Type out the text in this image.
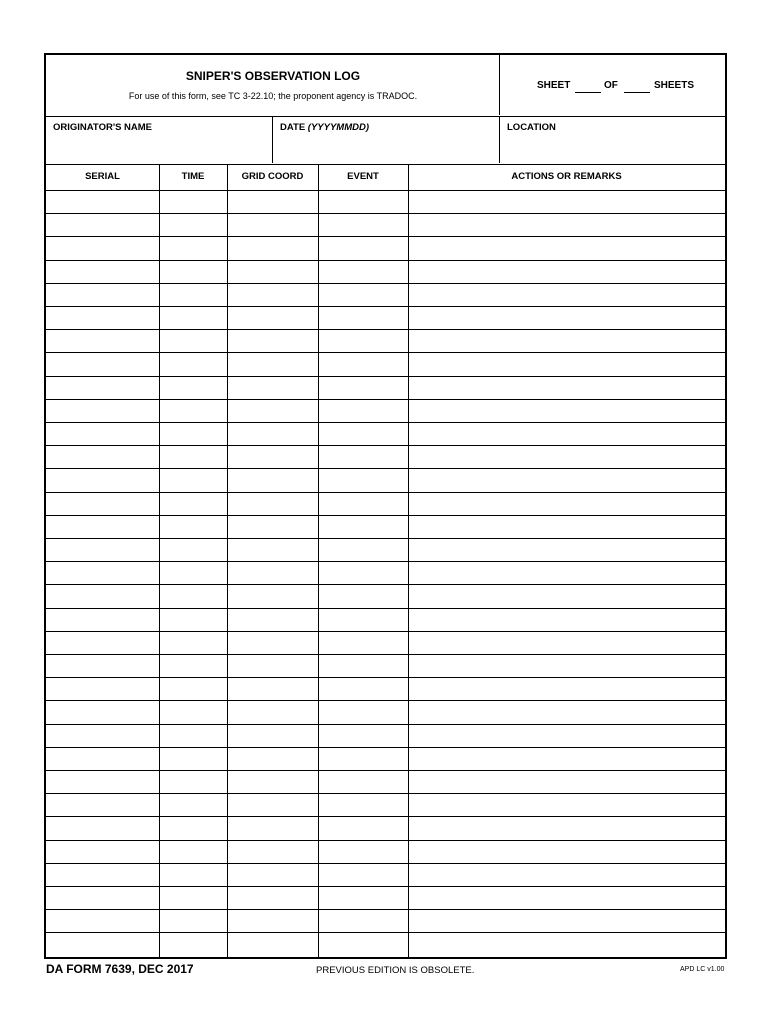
SNIPER'S OBSERVATION LOG
For use of this form, see TC 3-22.10; the proponent agency is TRADOC.
SHEET	OF	SHEETS
ORIGINATOR'S NAME	DATE (YYYYMMDD)	LOCATION
SERIAL	TIME	GRID COORD	EVENT	ACTIONS OR REMARKS
DA FORM 7639, DEC 2017	PREVIOUS EDITION IS OBSOLETE.	APD LC v1.00
